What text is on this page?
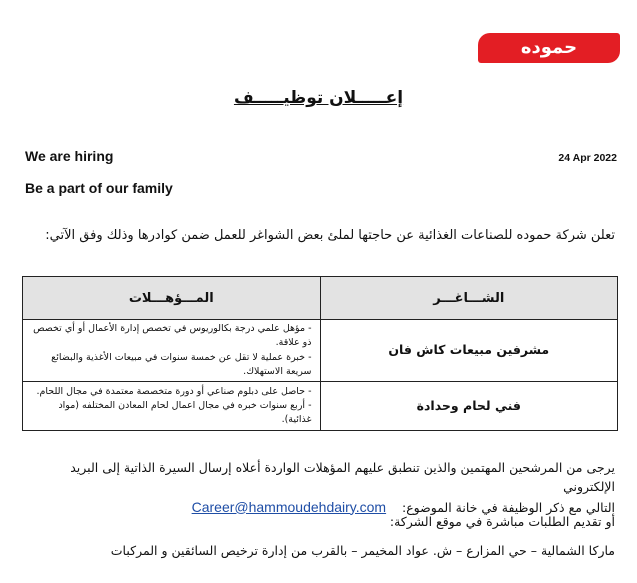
حموده
إعـــــلان توظيـــــف
We are hiring	24 Apr 2022
Be a part of our family
تعلن شركة حموده للصناعات الغذائية عن حاجتها لملئ بعض الشواغر للعمل ضمن كوادرها وذلك وفق الآتي:
الشـــاغـــر	المـــؤهـــلات
مشرفين مبيعات كاش فان	- مؤهل علمي درجة بكالوريوس في تخصص إدارة الأعمال أو أي تخصص ذو علاقة.
- خبرة عملية لا تقل عن خمسة سنوات في مبيعات الأغذية والبضائع سريعة الاستهلاك.

فني لحام وحدادة	- حاصل على دبلوم صناعي أو دورة متخصصة معتمدة في مجال اللحام.
- أربع سنوات خبره في مجال اعمال لحام المعادن المختلفه (مواد غذائية).
يرجى من المرشحين المهتمين والذين تنطبق عليهم المؤهلات الواردة أعلاه إرسال السيرة الذاتية إلى البريد الإلكتروني
التالي مع ذكر الوظيفة في خانة الموضوع:    Career@hammoudehdairy.com
أو تقديم الطلبات مباشرة في موقع الشركة:
ماركا الشمالية – حي المزارع – ش. عواد المخيمر – بالقرب من إدارة ترخيص السائقين و المركبات
